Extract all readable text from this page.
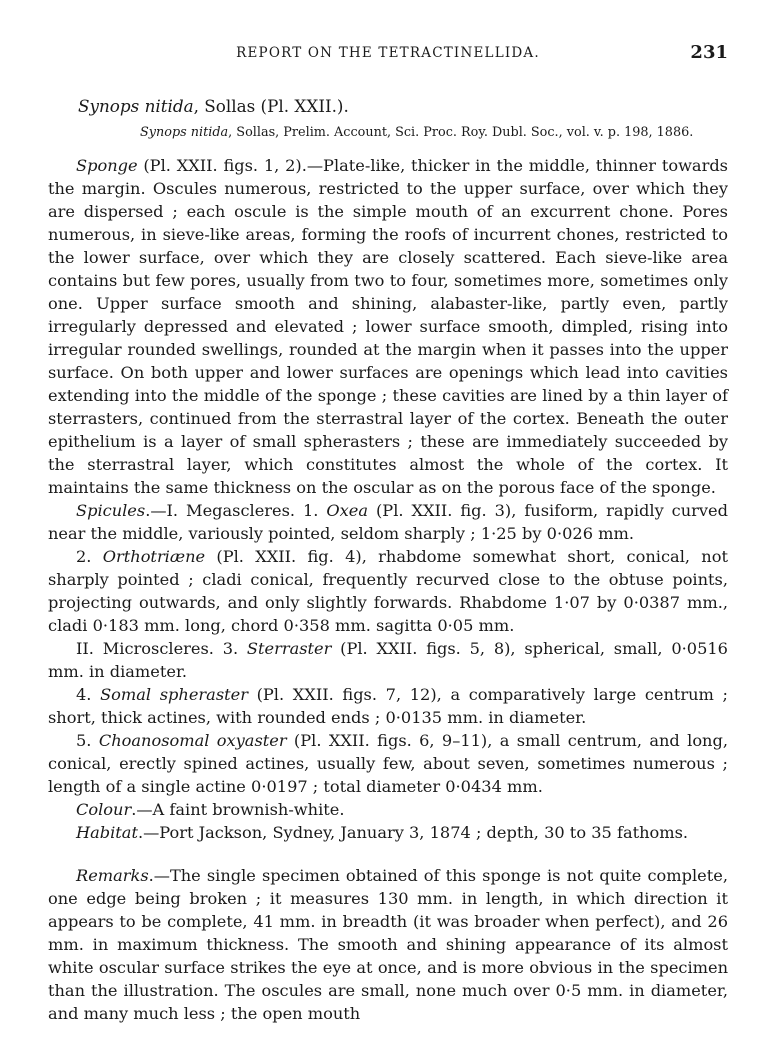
REPORT ON THE TETRACTINELLIDA.	231
Synops nitida, Sollas (Pl. XXII.).
Synops nitida, Sollas, Prelim. Account, Sci. Proc. Roy. Dubl. Soc., vol. v. p. 198, 1886.

Sponge (Pl. XXII. figs. 1, 2).—Plate-like, thicker in the middle, thinner towards the margin. Oscules numerous, restricted to the upper surface, over which they are dispersed ; each oscule is the simple mouth of an excurrent chone. Pores numerous, in sieve-like areas, forming the roofs of incurrent chones, restricted to the lower surface, over which they are closely scattered. Each sieve-like area contains but few pores, usually from two to four, sometimes more, sometimes only one. Upper surface smooth and shining, alabaster-like, partly even, partly irregularly depressed and elevated ; lower surface smooth, dimpled, rising into irregular rounded swellings, rounded at the margin when it passes into the upper surface. On both upper and lower surfaces are openings which lead into cavities extending into the middle of the sponge ; these cavities are lined by a thin layer of sterrasters, continued from the sterrastral layer of the cortex. Beneath the outer epithelium is a layer of small spherasters ; these are immediately succeeded by the sterrastral layer, which constitutes almost the whole of the cortex. It maintains the same thickness on the oscular as on the porous face of the sponge.

Spicules.—I. Megascleres. 1. Oxea (Pl. XXII. fig. 3), fusiform, rapidly curved near the middle, variously pointed, seldom sharply ; 1·25 by 0·026 mm.

2. Orthotriæne (Pl. XXII. fig. 4), rhabdome somewhat short, conical, not sharply pointed ; cladi conical, frequently recurved close to the obtuse points, projecting outwards, and only slightly forwards. Rhabdome 1·07 by 0·0387 mm., cladi 0·183 mm. long, chord 0·358 mm. sagitta 0·05 mm.

II. Microscleres. 3. Sterraster (Pl. XXII. figs. 5, 8), spherical, small, 0·0516 mm. in diameter.

4. Somal spheraster (Pl. XXII. figs. 7, 12), a comparatively large centrum ; short, thick actines, with rounded ends ; 0·0135 mm. in diameter.

5. Choanosomal oxyaster (Pl. XXII. figs. 6, 9–11), a small centrum, and long, conical, erectly spined actines, usually few, about seven, sometimes numerous ; length of a single actine 0·0197 ; total diameter 0·0434 mm.

Colour.—A faint brownish-white.

Habitat.—Port Jackson, Sydney, January 3, 1874 ; depth, 30 to 35 fathoms.

Remarks.—The single specimen obtained of this sponge is not quite complete, one edge being broken ; it measures 130 mm. in length, in which direction it appears to be complete, 41 mm. in breadth (it was broader when perfect), and 26 mm. in maximum thickness. The smooth and shining appearance of its almost white oscular surface strikes the eye at once, and is more obvious in the specimen than the illustration. The oscules are small, none much over 0·5 mm. in diameter, and many much less ; the open mouth
